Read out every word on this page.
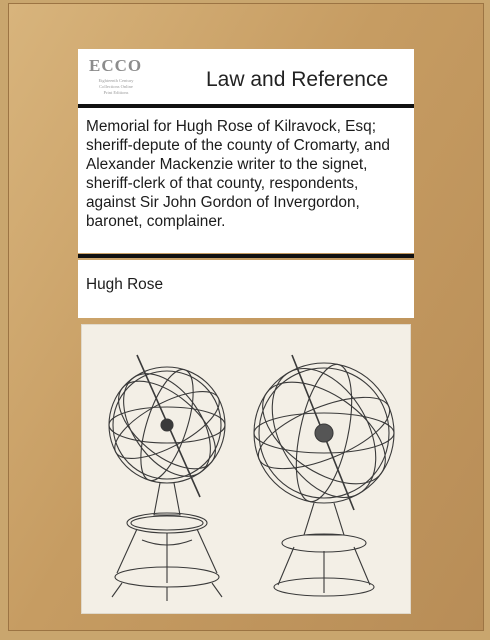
ECCO
Eighteenth Century
Collections Online
Print Editions
Law and Reference

Memorial for Hugh Rose of Kilravock, Esq; sheriff-depute of the county of Cromarty, and Alexander Mackenzie writer to the signet, sheriff-clerk of that county, respondents, against Sir John Gordon of Invergordon, baronet, complainer.

Hugh Rose
